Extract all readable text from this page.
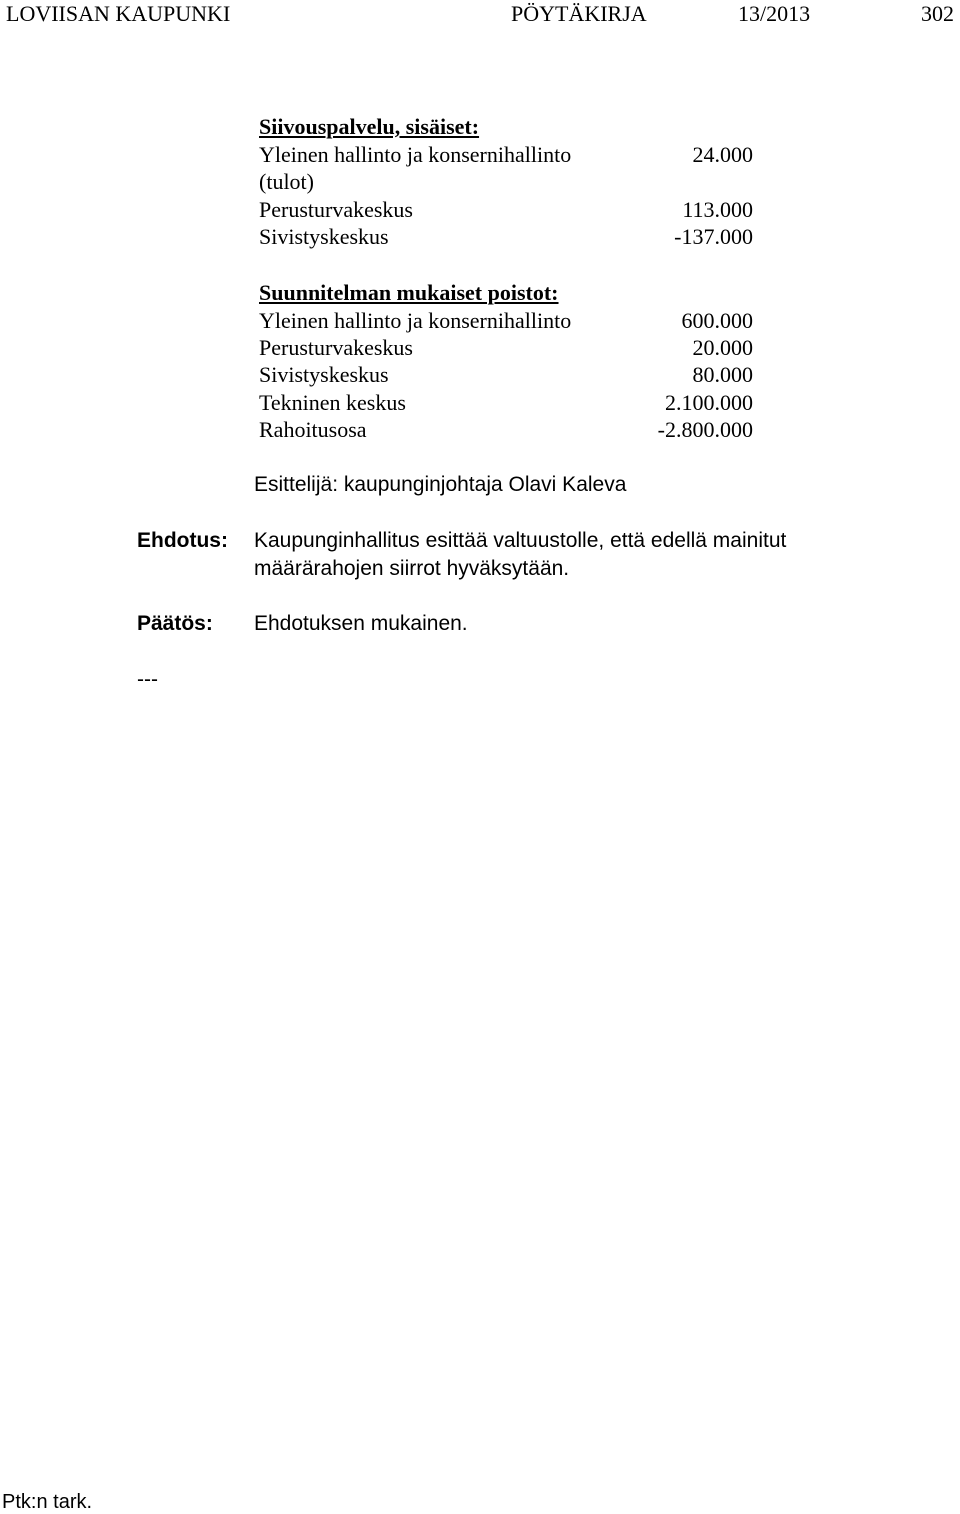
LOVIISAN KAUPUNKI	PÖYTÄKIRJA	13/2013	302
Siivouspalvelu, sisäiset:
Yleinen hallinto ja konsernihallinto	24.000
(tulot)
Perusturvakeskus	113.000
Sivistyskeskus	-137.000
Suunnitelman mukaiset poistot:
Yleinen hallinto ja konsernihallinto	600.000
Perusturvakeskus	20.000
Sivistyskeskus	80.000
Tekninen keskus	2.100.000
Rahoitusosa	-2.800.000
Esittelijä: kaupunginjohtaja Olavi Kaleva
Ehdotus: Kaupunginhallitus esittää valtuustolle, että edellä mainitut
määrärahojen siirrot hyväksytään.
Päätös: Ehdotuksen mukainen.
---
Ptk:n tark.
